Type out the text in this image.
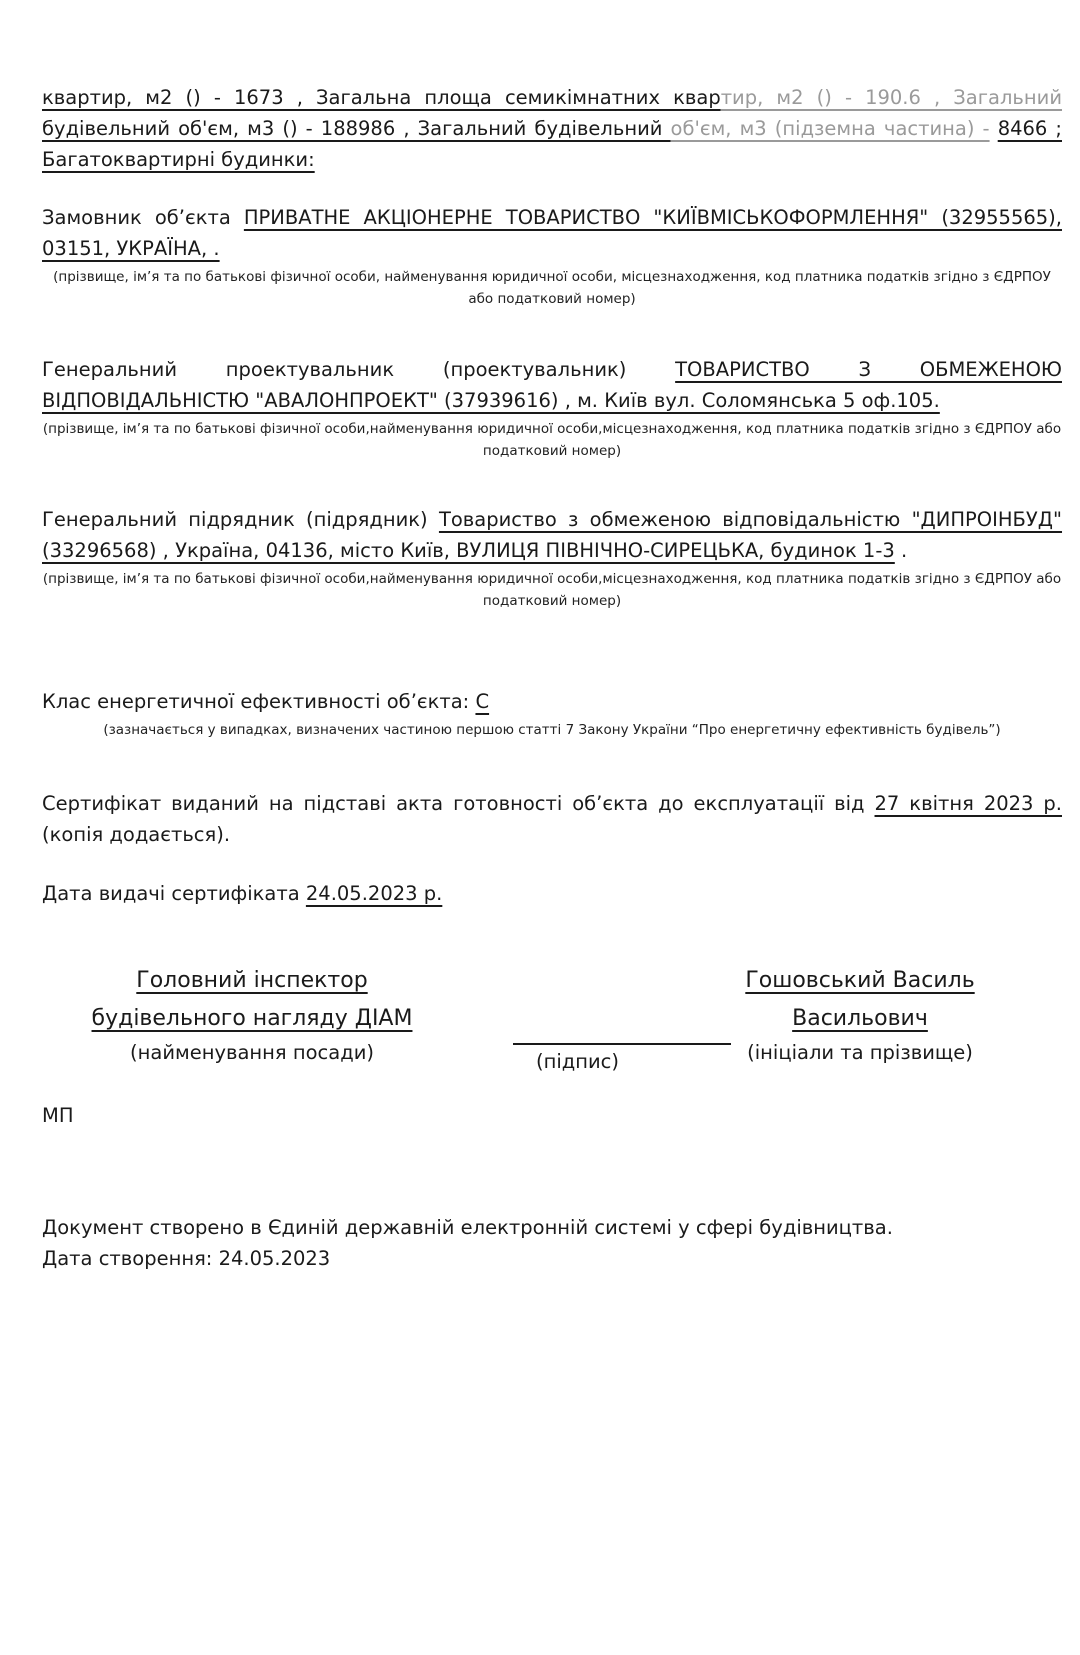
квартир, м2 () - 1673 , Загальна площа семикімнатних квартир, м2 () - 190.6 , Загальний будівельний об'єм, м3 () - 188986 , Загальний будівельний об'єм, м3 (підземна частина) - 8466 ; Багатоквартирні будинки:

Замовник об’єкта ПРИВАТНЕ АКЦІОНЕРНЕ ТОВАРИСТВО "КИЇВМІСЬКОФОРМЛЕННЯ" (32955565), 03151, УКРАЇНА, .

(прізвище, ім’я та по батькові фізичної особи, найменування юридичної особи, місцезнаходження, код платника податків згідно з ЄДРПОУ або податковий номер)

Генеральний проектувальник (проектувальник)	ТОВАРИСТВО З ОБМЕЖЕНОЮ ВІДПОВІДАЛЬНІСТЮ "АВАЛОНПРОЕКТ" (37939616) , м. Київ вул. Соломянська 5 оф.105.

(прізвище, ім’я та по батькові фізичної особи,найменування юридичної особи,місцезнаходження, код платника податків згідно з ЄДРПОУ або податковий номер)

Генеральний підрядник (підрядник) Товариство з обмеженою відповідальністю "ДИПРОІНБУД" (33296568) , Україна, 04136, місто Київ, ВУЛИЦЯ ПІВНІЧНО-СИРЕЦЬКА, будинок 1-3 .

(прізвище, ім’я та по батькові фізичної особи,найменування юридичної особи,місцезнаходження, код платника податків згідно з ЄДРПОУ або податковий номер)

Клас енергетичної ефективності об’єкта: C

(зазначається у випадках, визначених частиною першою статті 7 Закону України “Про енергетичну ефективність будівель”)

Сертифікат виданий на підставі акта готовності об’єкта до експлуатації від 27 квітня 2023 р. (копія додається).

Дата видачі сертифіката 24.05.2023 р.

Головний інспектор
будівельного нагляду ДІАМ
(найменування посади)	(підпис)
Гошовський Василь
Васильович
(ініціали та прізвище)
МП
Документ створено в Єдиній державній електронній системі у сфері будівництва.
Дата створення: 24.05.2023
